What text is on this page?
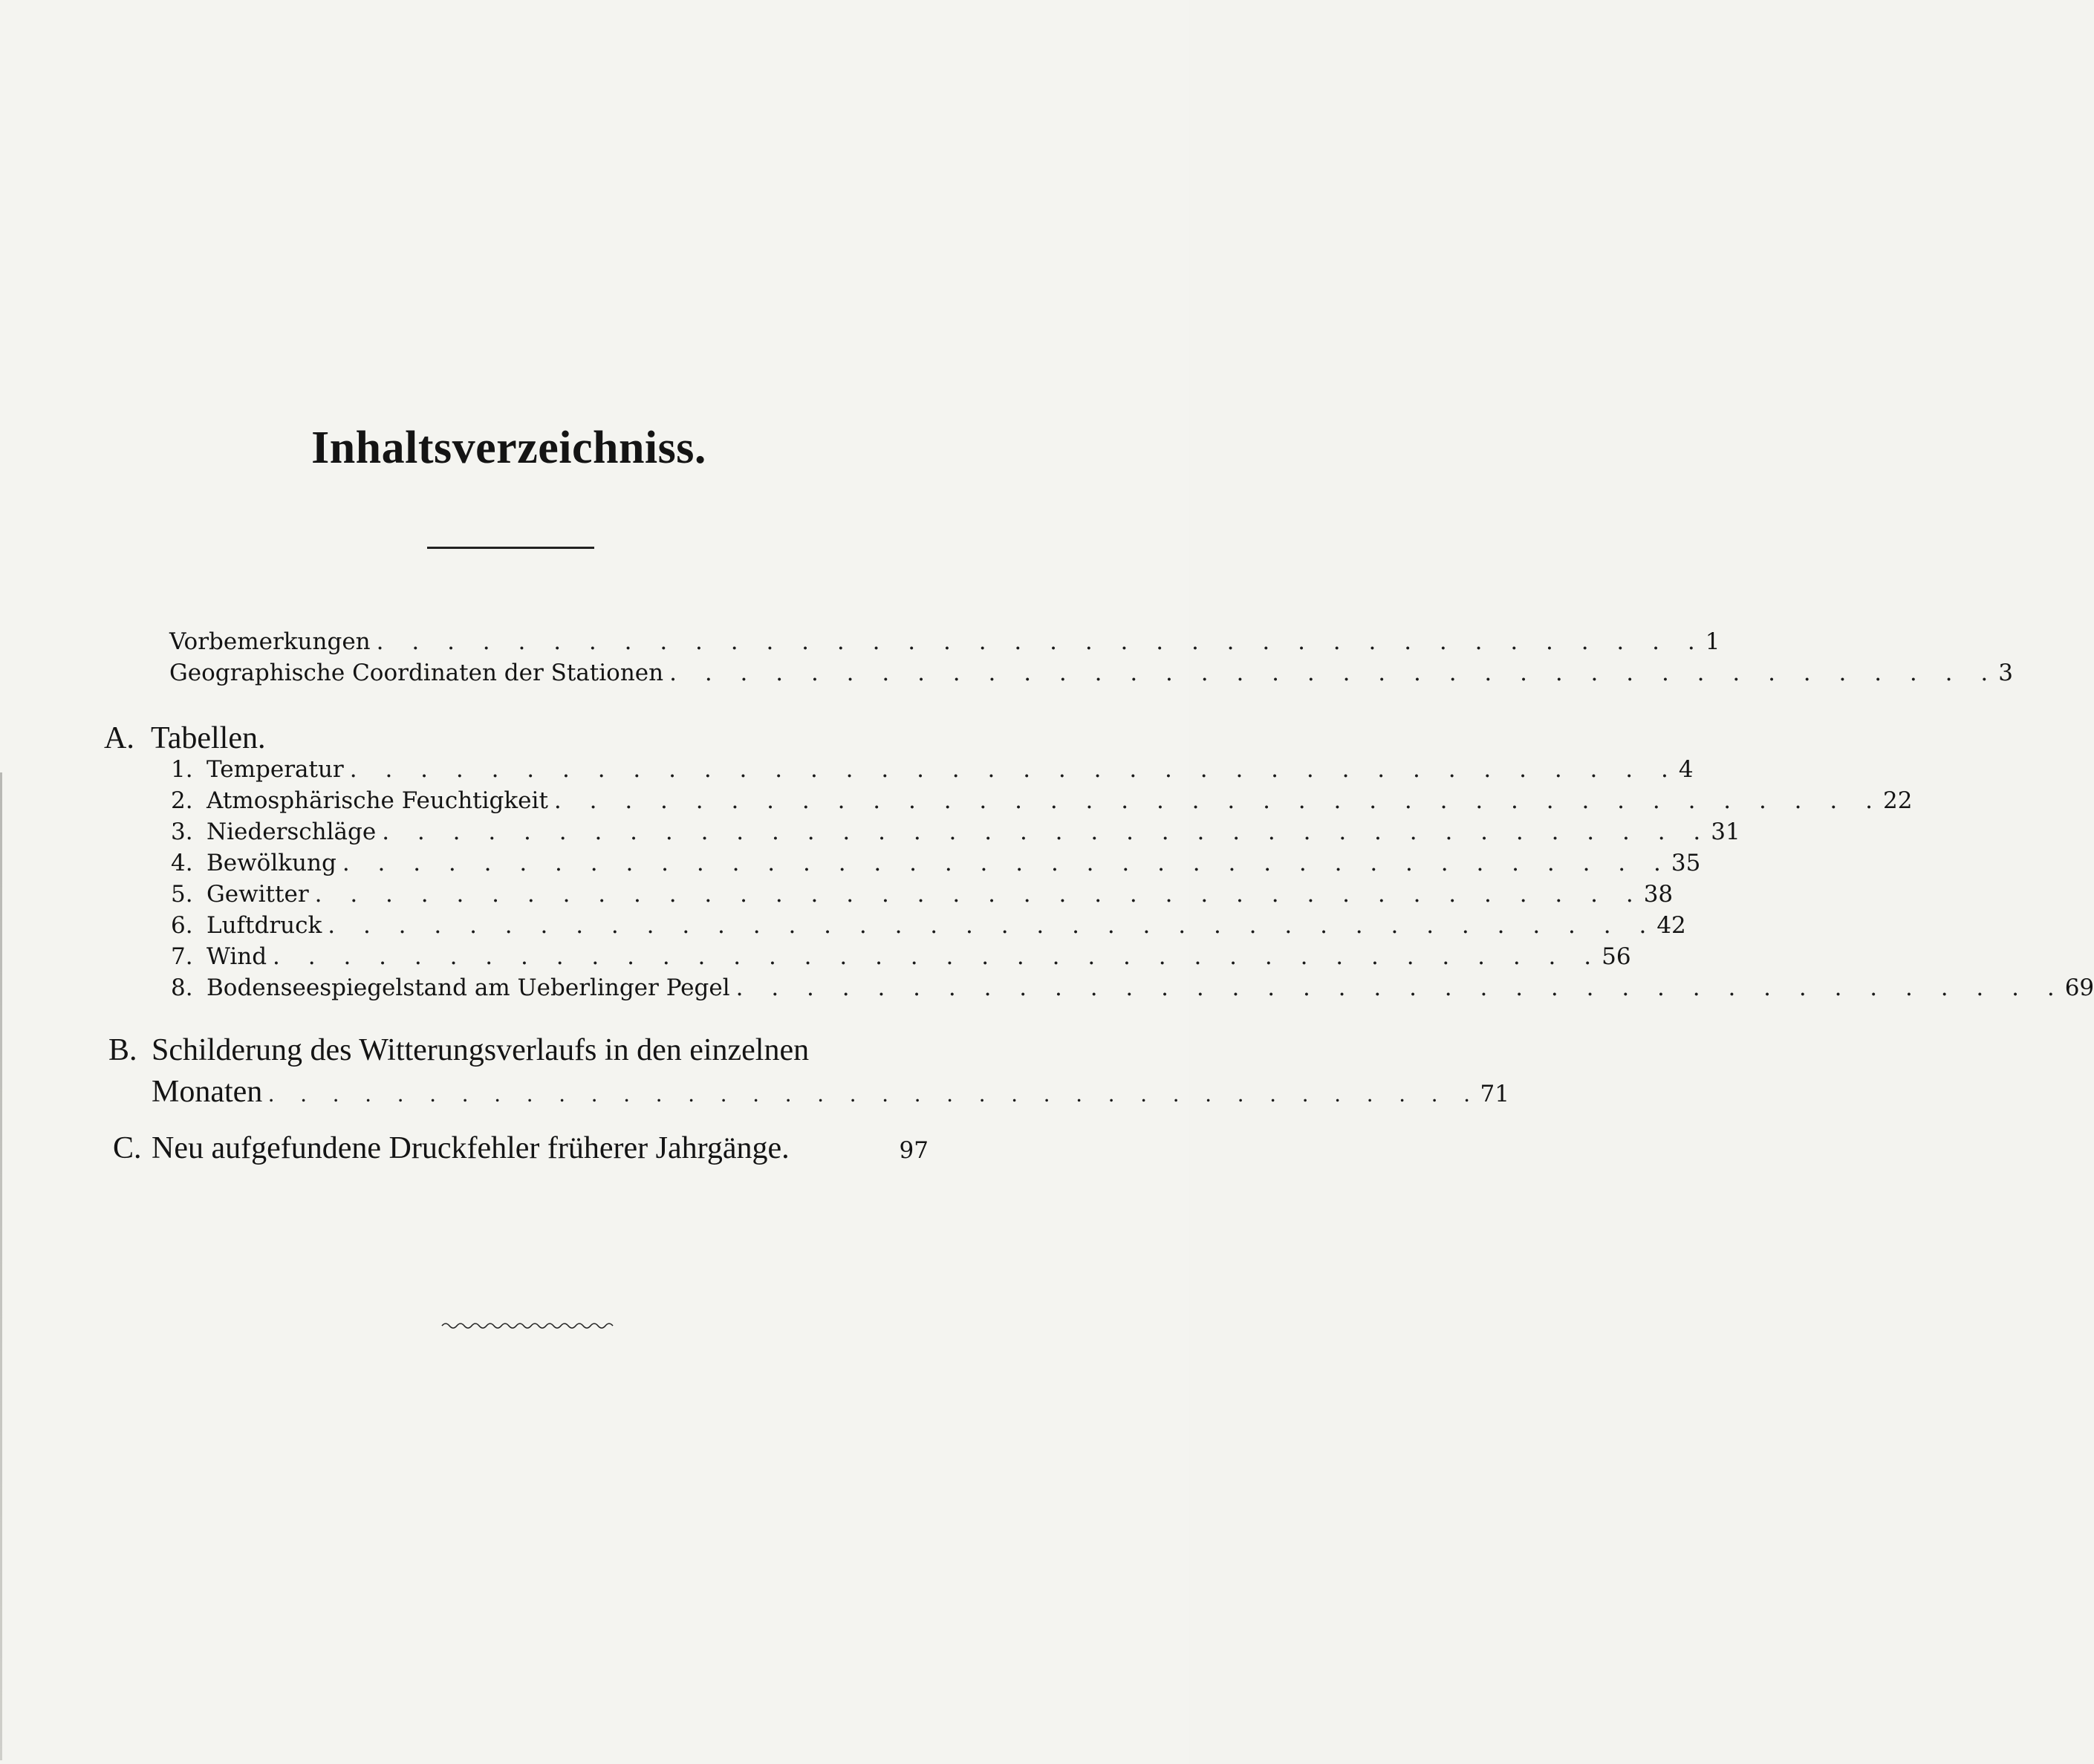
Inhaltsverzeichniss.
Vorbemerkungen . . . . . . . . . . . . . . . . . . . . . . . . . . . . . . . . . . . . . . 1
Geographische Coordinaten der Stationen . . . . . . . . . . . . . . . . . . . . . . . . . . . . . . . . . . . . . . 3
A. Tabellen.
1. Temperatur . . . . . . . . . . . . . . . . . . . . . . . . . . . . . . . . . . . . . . 4
2. Atmosphärische Feuchtigkeit . . . . . . . . . . . . . . . . . . . . . . . . . . . . . . . . . . . . . . 22
3. Niederschläge . . . . . . . . . . . . . . . . . . . . . . . . . . . . . . . . . . . . . . 31
4. Bewölkung . . . . . . . . . . . . . . . . . . . . . . . . . . . . . . . . . . . . . . 35
5. Gewitter . . . . . . . . . . . . . . . . . . . . . . . . . . . . . . . . . . . . . . 38
6. Luftdruck . . . . . . . . . . . . . . . . . . . . . . . . . . . . . . . . . . . . . . 42
7. Wind . . . . . . . . . . . . . . . . . . . . . . . . . . . . . . . . . . . . . . 56
8. Bodenseespiegelstand am Ueberlinger Pegel . . . . . . . . . . . . . . . . . . . . . . . . . . . . . . . . . . . . . . 69
B. Schilderung des Witterungsverlaufs in den einzelnen
Monaten . . . . . . . . . . . . . . . . . . . . . . . . . . . . . . . . . . . . . . 71
C. Neu aufgefundene Druckfehler früherer Jahrgänge.	97
